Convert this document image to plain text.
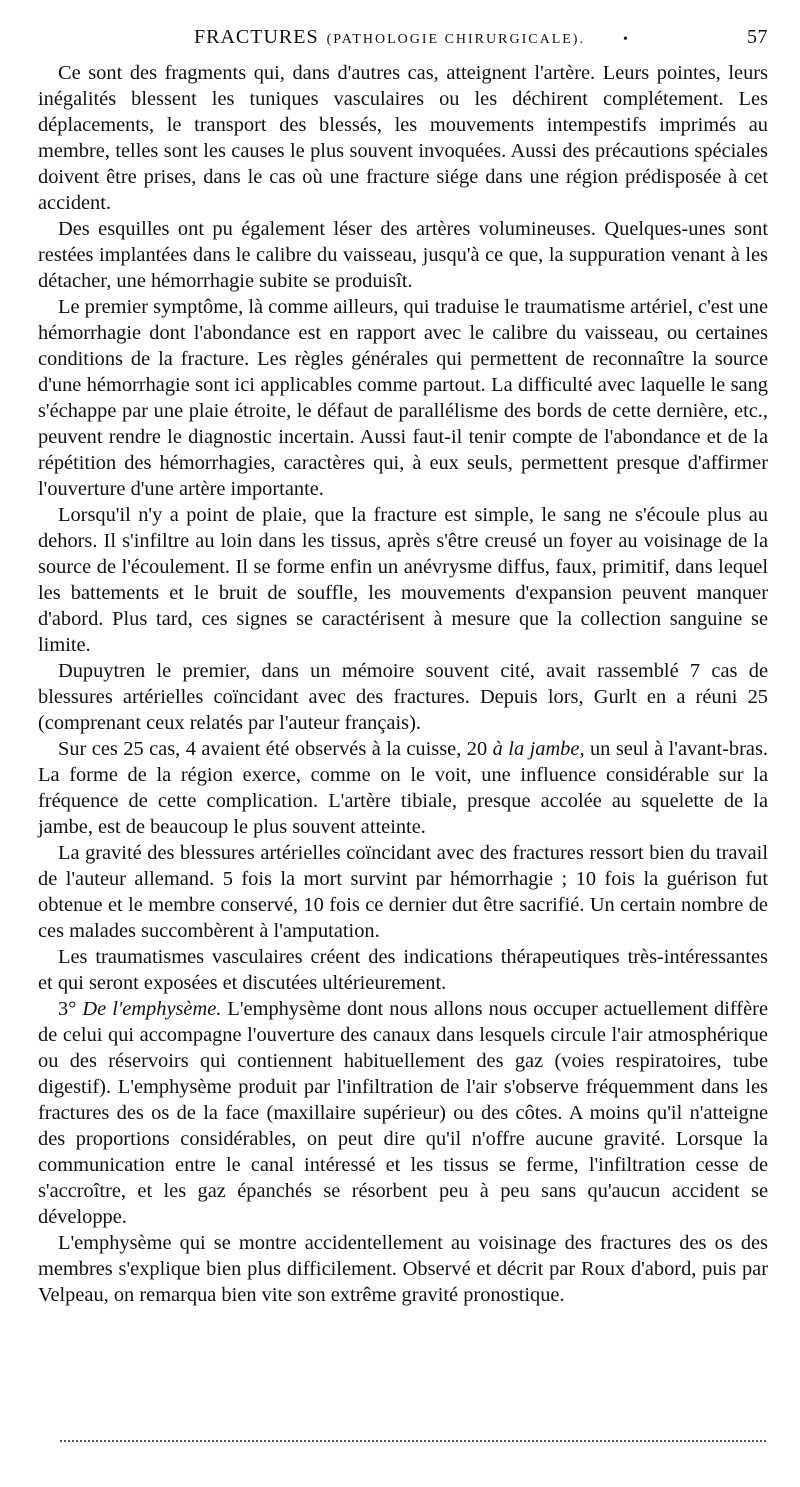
FRACTURES (PATHOLOGIE CHIRURGICALE).	•	57

Ce sont des fragments qui, dans d'autres cas, atteignent l'artère. Leurs pointes, leurs inégalités blessent les tuniques vasculaires ou les déchirent complétement. Les déplacements, le transport des blessés, les mouvements intempestifs imprimés au membre, telles sont les causes le plus souvent invoquées. Aussi des précautions spéciales doivent être prises, dans le cas où une fracture siége dans une région prédisposée à cet accident.

Des esquilles ont pu également léser des artères volumineuses. Quelques-unes sont restées implantées dans le calibre du vaisseau, jusqu'à ce que, la suppuration venant à les détacher, une hémorrhagie subite se produisît.

Le premier symptôme, là comme ailleurs, qui traduise le traumatisme artériel, c'est une hémorrhagie dont l'abondance est en rapport avec le calibre du vaisseau, ou certaines conditions de la fracture. Les règles générales qui permettent de reconnaître la source d'une hémorrhagie sont ici applicables comme partout. La difficulté avec laquelle le sang s'échappe par une plaie étroite, le défaut de parallélisme des bords de cette dernière, etc., peuvent rendre le diagnostic incertain. Aussi faut-il tenir compte de l'abondance et de la répétition des hémorrhagies, caractères qui, à eux seuls, permettent presque d'affirmer l'ouverture d'une artère importante.

Lorsqu'il n'y a point de plaie, que la fracture est simple, le sang ne s'écoule plus au dehors. Il s'infiltre au loin dans les tissus, après s'être creusé un foyer au voisinage de la source de l'écoulement. Il se forme enfin un anévrysme diffus, faux, primitif, dans lequel les battements et le bruit de souffle, les mouvements d'expansion peuvent manquer d'abord. Plus tard, ces signes se caractérisent à mesure que la collection sanguine se limite.

Dupuytren le premier, dans un mémoire souvent cité, avait rassemblé 7 cas de blessures artérielles coïncidant avec des fractures. Depuis lors, Gurlt en a réuni 25 (comprenant ceux relatés par l'auteur français).

Sur ces 25 cas, 4 avaient été observés à la cuisse, 20 à la jambe, un seul à l'avant-bras. La forme de la région exerce, comme on le voit, une influence considérable sur la fréquence de cette complication. L'artère tibiale, presque accolée au squelette de la jambe, est de beaucoup le plus souvent atteinte.

La gravité des blessures artérielles coïncidant avec des fractures ressort bien du travail de l'auteur allemand. 5 fois la mort survint par hémorrhagie ; 10 fois la guérison fut obtenue et le membre conservé, 10 fois ce dernier dut être sacrifié. Un certain nombre de ces malades succombèrent à l'amputation.

Les traumatismes vasculaires créent des indications thérapeutiques très-intéressantes et qui seront exposées et discutées ultérieurement.

3° De l'emphysème. L'emphysème dont nous allons nous occuper actuellement diffère de celui qui accompagne l'ouverture des canaux dans lesquels circule l'air atmosphérique ou des réservoirs qui contiennent habituellement des gaz (voies respiratoires, tube digestif). L'emphysème produit par l'infiltration de l'air s'observe fréquemment dans les fractures des os de la face (maxillaire supérieur) ou des côtes. A moins qu'il n'atteigne des proportions considérables, on peut dire qu'il n'offre aucune gravité. Lorsque la communication entre le canal intéressé et les tissus se ferme, l'infiltration cesse de s'accroître, et les gaz épanchés se résorbent peu à peu sans qu'aucun accident se développe.

L'emphysème qui se montre accidentellement au voisinage des fractures des os des membres s'explique bien plus difficilement. Observé et décrit par Roux d'abord, puis par Velpeau, on remarqua bien vite son extrême gravité pronostique.
